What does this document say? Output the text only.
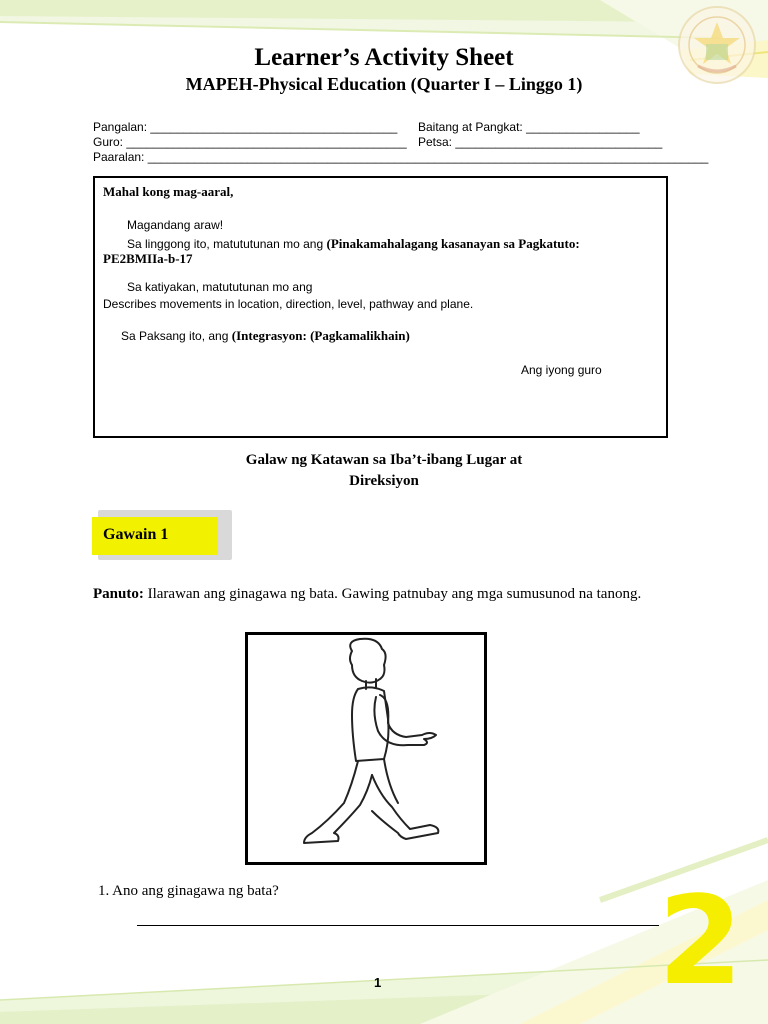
Learner’s Activity Sheet
MAPEH-Physical Education (Quarter I – Linggo 1)
Pangalan: _____________________________________ Baitang at Pangkat: _________________
Guro: __________________________________________ Petsa: _______________________________
Paaralan: ____________________________________________________________________________________
Mahal kong mag-aaral,
Magandang araw!
Sa linggong ito, matututunan mo ang (Pinakamahalagang kasanayan sa Pagkatuto:
PE2BMIIa-b-17
Sa katiyakan, matututunan mo ang
Describes movements in location, direction, level, pathway and plane.
Sa Paksang ito, ang (Integrasyon: (Pagkamalikhain)
Ang iyong guro
Galaw ng Katawan sa Iba’t-ibang Lugar at
Direksiyon
Gawain 1
Panuto: Ilarawan ang ginagawa ng bata. Gawing patnubay ang mga sumusunod na tanong.
1. Ano ang ginagawa ng bata?
1 2
